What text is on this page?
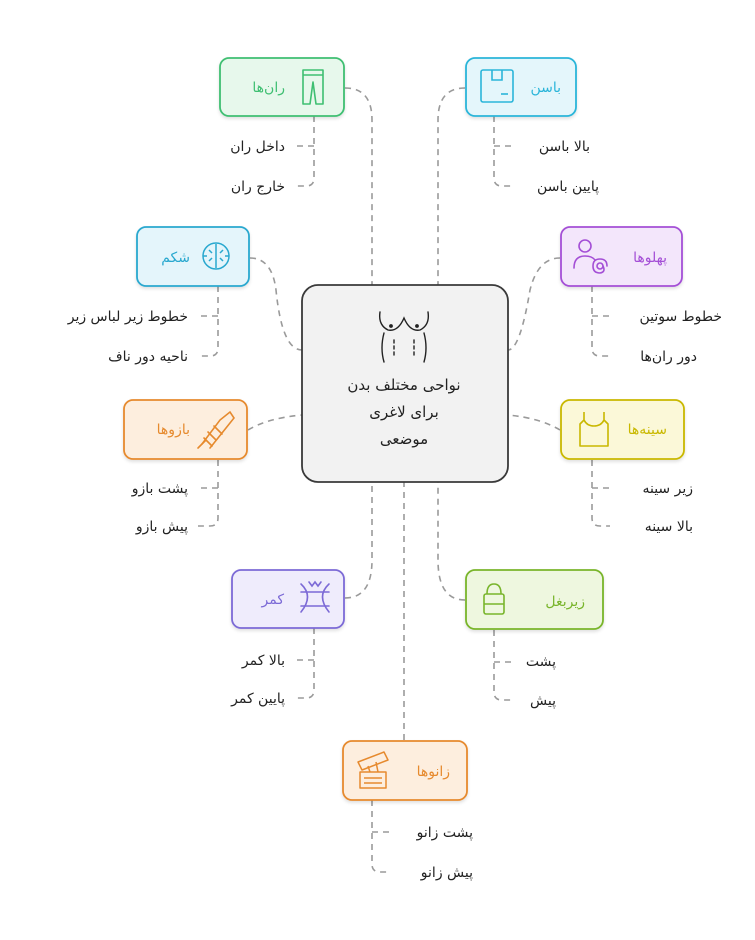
نواحی مختلف بدن
برای لاغری
موضعی
ران‌ها
داخل ران
خارج ران
باسن
بالا باسن
پایین باسن
پهلوها
خطوط سوتین
دور ران‌ها
شکم
خطوط زیر لباس زیر
ناحیه دور ناف
سینه‌ها
زیر سینه
بالا سینه
بازوها
پشت بازو
پیش بازو
کمر
بالا کمر
پایین کمر
زیربغل
پشت
پیش
زانوها
پشت زانو
پیش زانو
